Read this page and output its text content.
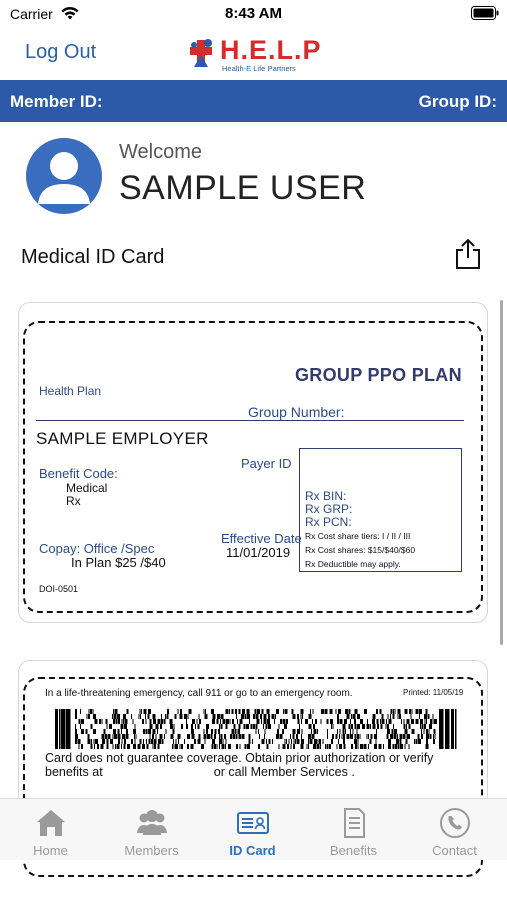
Carrier	8:43 AM
Log Out	H.E.L.P
Health-E Life Partners
Member ID:	Group ID:
Welcome
SAMPLE USER
Medical ID Card
GROUP PPO PLAN
Health Plan
Group Number:
SAMPLE EMPLOYER
Benefit Code:
Medical
Rx
Payer ID
Copay: Office /Spec
In Plan $25 /$40
Effective Date
11/01/2019
DOI-0501
Rx BIN:
Rx GRP:
Rx PCN:
Rx Cost share tiers: I / II / III
Rx Cost shares: $15/$40/$60
Rx Deductible may apply.
In a life-threatening emergency, call 911 or go to an emergency room.	Printed: 11/05/19
Card does not guarantee coverage. Obtain prior authorization or verify
benefits at                                or call Member Services .
Home	Members	ID Card	Benefits	Contact
